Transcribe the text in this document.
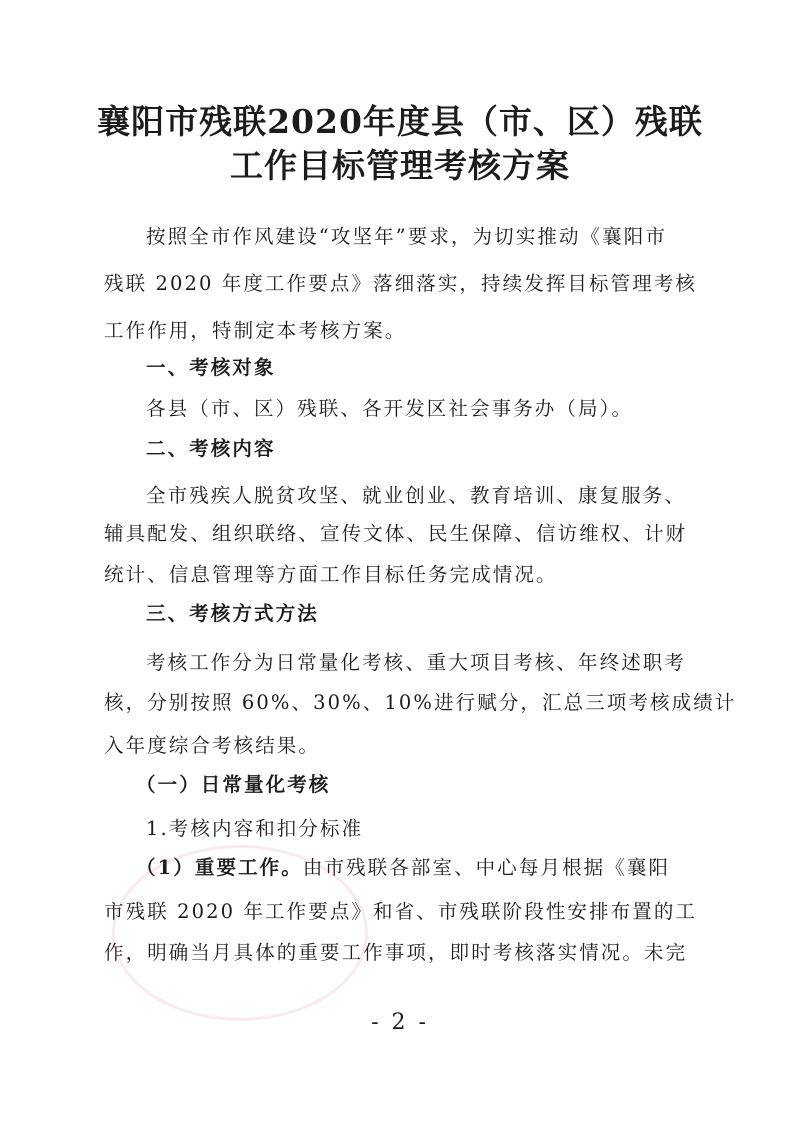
襄阳市残联2020年度县（市、区）残联
工作目标管理考核方案
按照全市作风建设“攻坚年”要求，为切实推动《襄阳市
残联 2020 年度工作要点》落细落实，持续发挥目标管理考核
工作作用，特制定本考核方案。
一、考核对象
各县（市、区）残联、各开发区社会事务办（局）。
二、考核内容
全市残疾人脱贫攻坚、就业创业、教育培训、康复服务、
辅具配发、组织联络、宣传文体、民生保障、信访维权、计财
统计、信息管理等方面工作目标任务完成情况。
三、考核方式方法
考核工作分为日常量化考核、重大项目考核、年终述职考
核，分别按照 60%、30%、10%进行赋分，汇总三项考核成绩计
入年度综合考核结果。
（一）日常量化考核
1.考核内容和扣分标准
（1）重要工作。由市残联各部室、中心每月根据《襄阳
市残联 2020 年工作要点》和省、市残联阶段性安排布置的工
作，明确当月具体的重要工作事项，即时考核落实情况。未完
- 2 -
